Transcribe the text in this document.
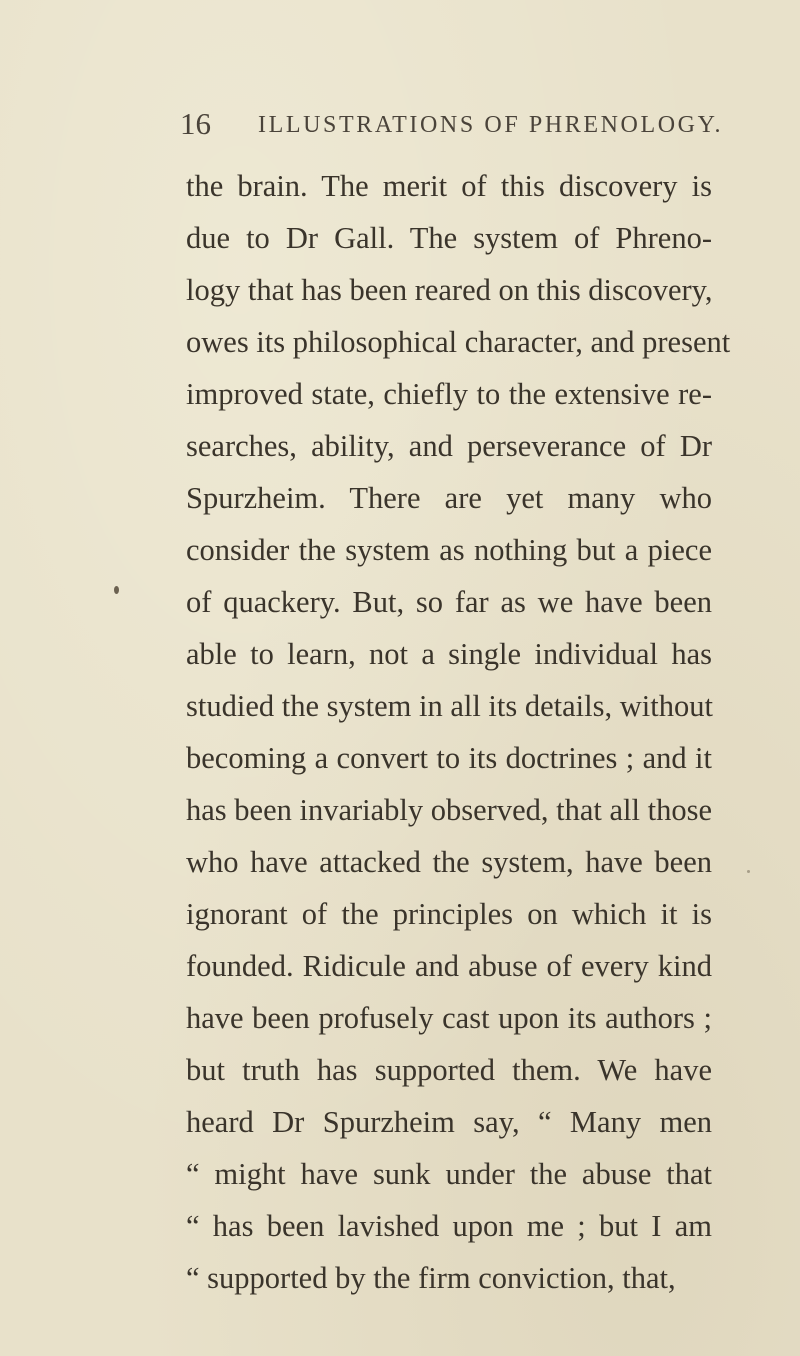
16 ILLUSTRATIONS OF PHRENOLOGY.
the brain. The merit of this discovery is
due to Dr Gall. The system of Phreno-
logy that has been reared on this discovery,
owes its philosophical character, and present
improved state, chiefly to the extensive re-
searches, ability, and perseverance of Dr
Spurzheim. There are yet many who
consider the system as nothing but a piece
of quackery. But, so far as we have been
able to learn, not a single individual has
studied the system in all its details, without
becoming a convert to its doctrines ; and it
has been invariably observed, that all those
who have attacked the system, have been
ignorant of the principles on which it is
founded. Ridicule and abuse of every kind
have been profusely cast upon its authors ;
but truth has supported them. We have
heard Dr Spurzheim say, “ Many men
“ might have sunk under the abuse that
“ has been lavished upon me ; but I am
“ supported by the firm conviction, that,
